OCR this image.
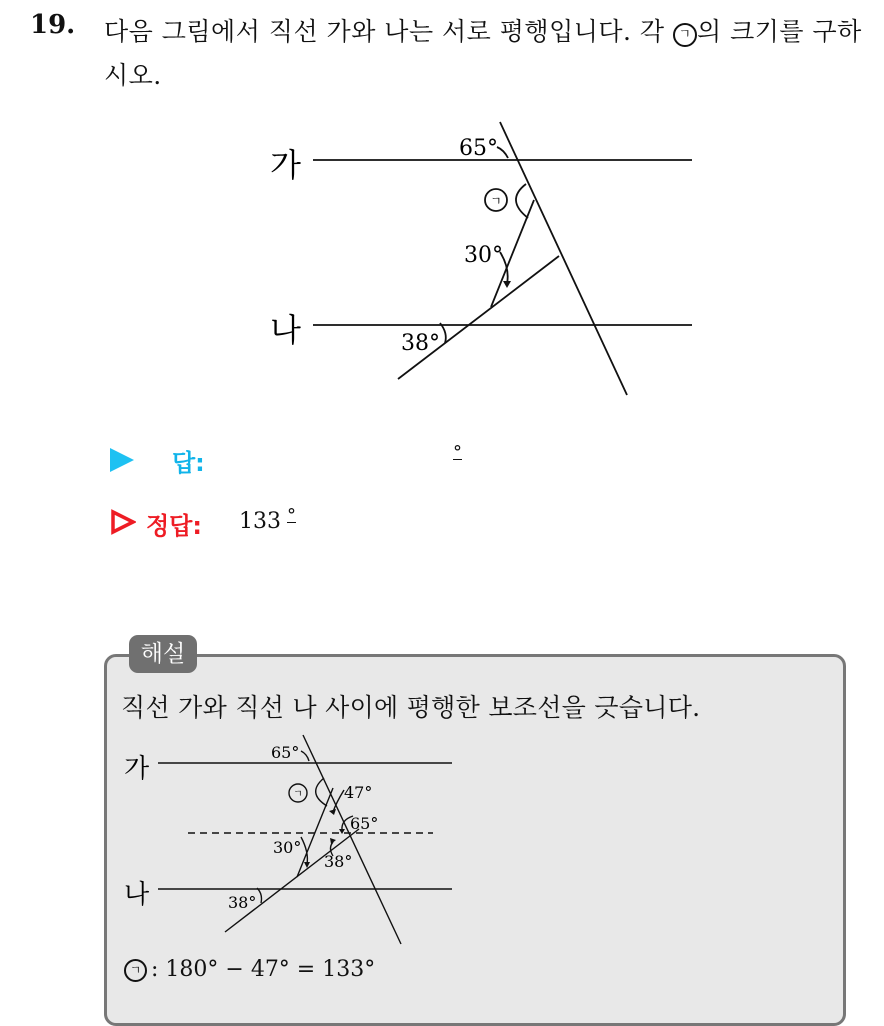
19. 다음 그림에서 직선 가와 나는 서로 평행입니다. 각 ㄱ 의 크기를 구하시오.
가
나
65°
ㄱ
30°
38°
답:	°
정답: 133 °
해설
직선 가와 직선 나 사이에 평행한 보조선을 긋습니다.
가
나
65°
ㄱ	47°
65°
30°
38°
38°
ㄱ : 180° − 47° = 133°
